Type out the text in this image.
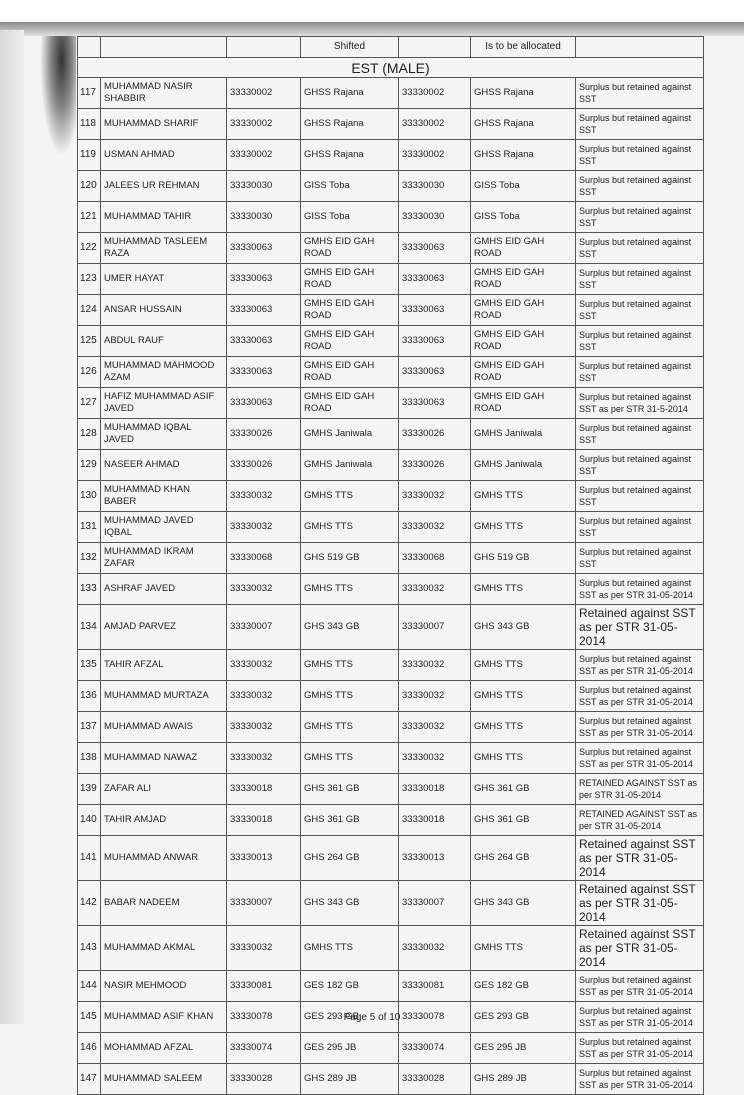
			Shifted		Is to be allocated	
EST (MALE)						
117	MUHAMMAD NASIR SHABBIR	33330002	GHSS Rajana	33330002	GHSS Rajana	Surplus but retained against SST
118	MUHAMMAD SHARIF	33330002	GHSS Rajana	33330002	GHSS Rajana	Surplus but retained against SST
119	USMAN AHMAD	33330002	GHSS Rajana	33330002	GHSS Rajana	Surplus but retained against SST
120	JALEES UR REHMAN	33330030	GISS Toba	33330030	GISS Toba	Surplus but retained against SST
121	MUHAMMAD TAHIR	33330030	GISS Toba	33330030	GISS Toba	Surplus but retained against SST
122	MUHAMMAD TASLEEM RAZA	33330063	GMHS EID GAH ROAD	33330063	GMHS EID GAH ROAD	Surplus but retained against SST
123	UMER HAYAT	33330063	GMHS EID GAH ROAD	33330063	GMHS EID GAH ROAD	Surplus but retained against SST
124	ANSAR HUSSAIN	33330063	GMHS EID GAH ROAD	33330063	GMHS EID GAH ROAD	Surplus but retained against SST
125	ABDUL RAUF	33330063	GMHS EID GAH ROAD	33330063	GMHS EID GAH ROAD	Surplus but retained against SST
126	MUHAMMAD MAHMOOD AZAM	33330063	GMHS EID GAH ROAD	33330063	GMHS EID GAH ROAD	Surplus but retained against SST
127	HAFIZ MUHAMMAD ASIF JAVED	33330063	GMHS EID GAH ROAD	33330063	GMHS EID GAH ROAD	Surplus but retained against SST as per STR 31-5-2014
128	MUHAMMAD IQBAL JAVED	33330026	GMHS Janiwala	33330026	GMHS Janiwala	Surplus but retained against SST
129	NASEER AHMAD	33330026	GMHS Janiwala	33330026	GMHS Janiwala	Surplus but retained against SST
130	MUHAMMAD KHAN BABER	33330032	GMHS TTS	33330032	GMHS TTS	Surplus but retained against SST
131	MUHAMMAD JAVED IQBAL	33330032	GMHS TTS	33330032	GMHS TTS	Surplus but retained against SST
132	MUHAMMAD IKRAM ZAFAR	33330068	GHS 519 GB	33330068	GHS 519 GB	Surplus but retained against SST
133	ASHRAF JAVED	33330032	GMHS TTS	33330032	GMHS TTS	Surplus but retained against SST as per STR 31-05-2014
134	AMJAD PARVEZ	33330007	GHS 343 GB	33330007	GHS 343 GB	Retained against SST as per STR 31-05-2014
135	TAHIR AFZAL	33330032	GMHS TTS	33330032	GMHS TTS	Surplus but retained against SST as per STR 31-05-2014
136	MUHAMMAD MURTAZA	33330032	GMHS TTS	33330032	GMHS TTS	Surplus but retained against SST as per STR 31-05-2014
137	MUHAMMAD AWAIS	33330032	GMHS TTS	33330032	GMHS TTS	Surplus but retained against SST as per STR 31-05-2014
138	MUHAMMAD NAWAZ	33330032	GMHS TTS	33330032	GMHS TTS	Surplus but retained against SST as per STR 31-05-2014
139	ZAFAR ALI	33330018	GHS 361 GB	33330018	GHS 361 GB	RETAINED AGAINST SST as per STR 31-05-2014
140	TAHIR AMJAD	33330018	GHS 361 GB	33330018	GHS 361 GB	RETAINED AGAINST SST as per STR 31-05-2014
141	MUHAMMAD ANWAR	33330013	GHS 264 GB	33330013	GHS 264 GB	Retained against SST as per STR 31-05-2014
142	BABAR NADEEM	33330007	GHS 343 GB	33330007	GHS 343 GB	Retained against SST as per STR 31-05-2014
143	MUHAMMAD AKMAL	33330032	GMHS TTS	33330032	GMHS TTS	Retained against SST as per STR 31-05-2014
144	NASIR MEHMOOD	33330081	GES 182 GB	33330081	GES 182 GB	Surplus but retained against SST as per STR 31-05-2014
145	MUHAMMAD ASIF KHAN	33330078	GES 293 GB	33330078	GES 293 GB	Surplus but retained against SST as per STR 31-05-2014
146	MOHAMMAD AFZAL	33330074	GES 295 JB	33330074	GES 295 JB	Surplus but retained against SST as per STR 31-05-2014
147	MUHAMMAD SALEEM	33330028	GHS 289 JB	33330028	GHS 289 JB	Surplus but retained against SST as per STR 31-05-2014
Page 5 of 10
